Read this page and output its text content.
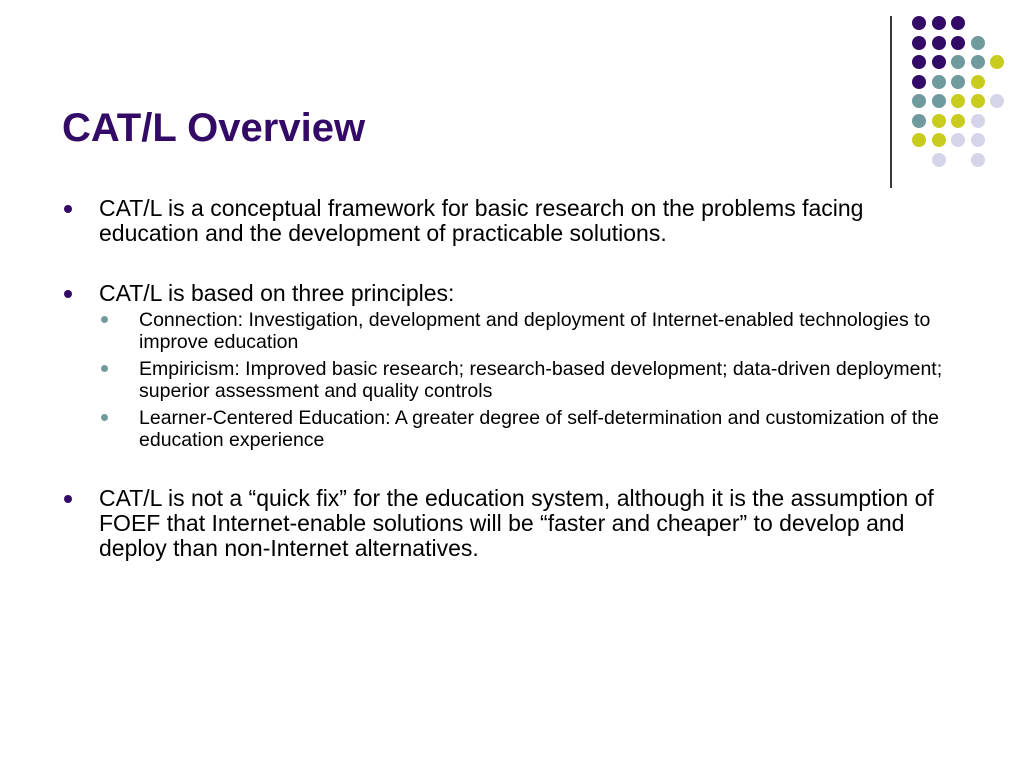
CAT/L Overview
CAT/L is a conceptual framework for basic research on the problems facing education and the development of practicable solutions.
CAT/L is based on three principles:
Connection: Investigation, development and deployment of Internet-enabled technologies to improve education
Empiricism: Improved basic research; research-based development; data-driven deployment; superior assessment and quality controls
Learner-Centered Education: A greater degree of self-determination and customization of the education experience
CAT/L is not a “quick fix” for the education system, although it is the assumption of FOEF that Internet-enable solutions will be “faster and cheaper” to develop and deploy than non-Internet alternatives.
